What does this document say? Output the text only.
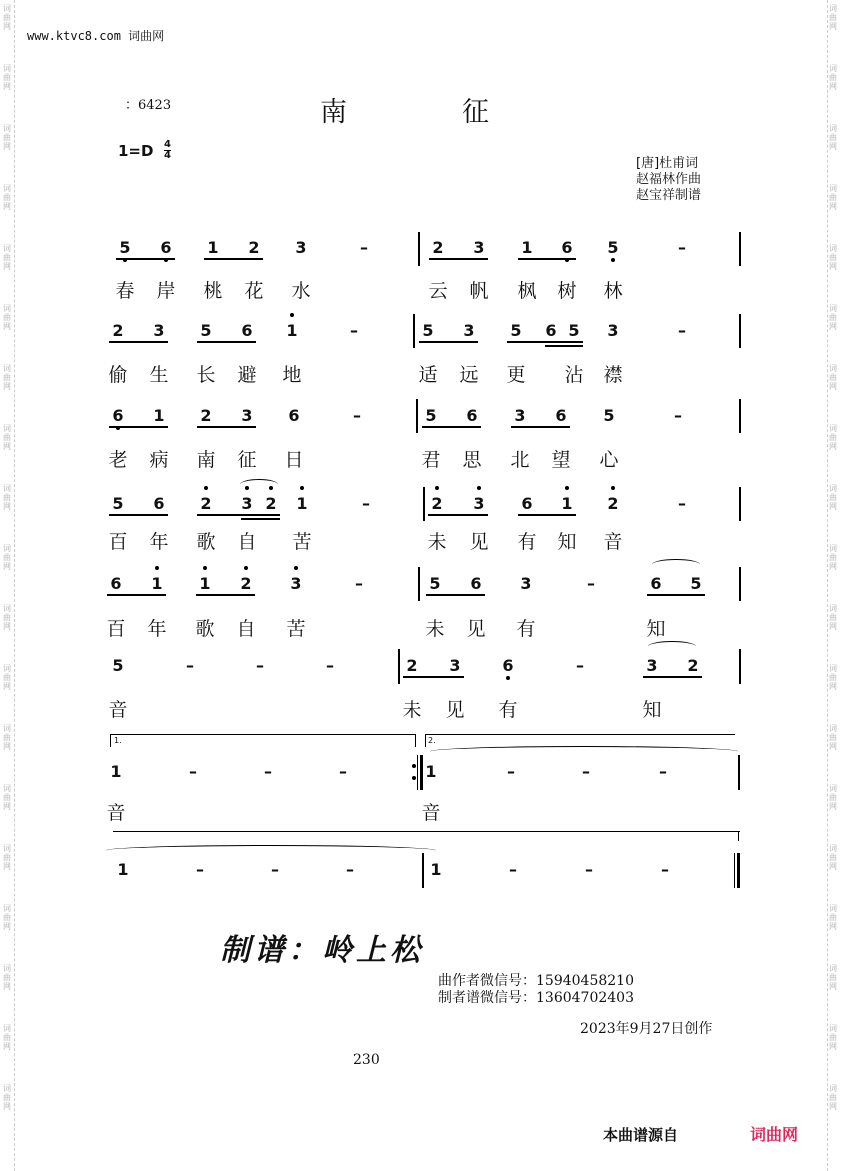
www.ktvc8.com 词曲网
：6423	南征
1=D 4
4
[唐]杜甫词
赵福林作曲
赵宝祥制谱
5 6 1 2 3	–	2 3 1 6 5	–
春 岸 桃 花 水	云 帆 枫 树 林
2 3 5 6 1	–	5 3 5 6 5 3	–
偷 生 长 避 地	适 远 更 沾 襟
6 1 2 3 6	–	5 6 3 6 5	–
老 病 南 征 日	君 思 北 望 心
5 6 2 3 2 1	–	2 3 6 1 2	–
百 年 歌 自 苦	未 见 有 知 音
6 1 1 2 3	–	5 6 3	–	6 5
百 年 歌 自 苦	未 见 有	知
5	–	–	–	2 3	6	–	3 2
音	未 见 有	知
1.	2.
1	–	–	–	1	–	–	–
音	音
1	–	–	–	1	–	–	–
制谱：岭上松
曲作者微信号：15940458210
制者谱微信号：13604702403
2023年9月27日创作
230
本曲谱源自	词曲网
词
曲
网
词
曲
网
词
曲
网
词
曲
网
词
曲
网
词
曲
网
词
曲
网
词
曲
网
词
曲
网
词
曲
网
词
曲
网
词
曲
网
词
曲
网
词
曲
网
词
曲
网
词
曲
网
词
曲
网
词
曲
网
词
曲
网
词
曲
网
词
曲
网
词
曲
网
词
曲
网
词
曲
网
词
曲
网
词
曲
网
词
曲
网
词
曲
网
词
曲
网
词
曲
网
词
曲
网
词
曲
网
词
曲
网
词
曲
网
词
曲
网
词
曲
网
词
曲
网
词
曲
网
